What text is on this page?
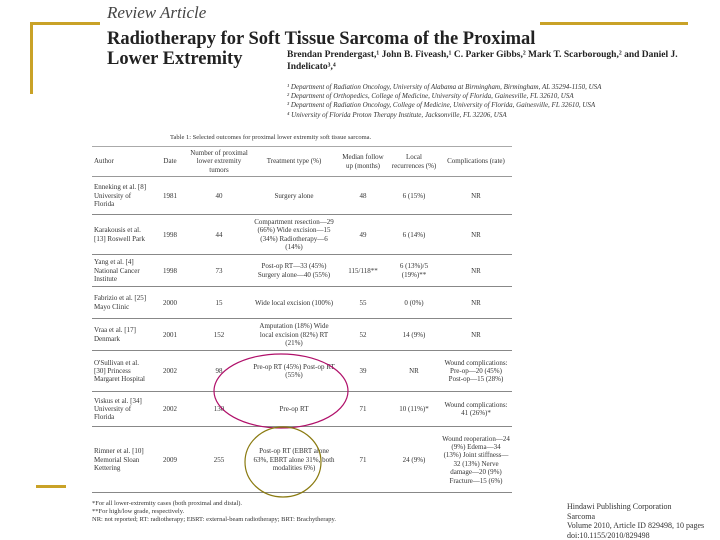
Review Article
Radiotherapy for Soft Tissue Sarcoma of the Proximal Lower Extremity	Brendan Prendergast,¹ John B. Fiveash,¹ C. Parker Gibbs,² Mark T. Scarborough,² and Daniel J. Indelicato³,⁴
¹ Department of Radiation Oncology, University of Alabama at Birmingham, Birmingham, AL 35294-1150, USA
² Department of Orthopedics, College of Medicine, University of Florida, Gainesville, FL 32610, USA
³ Department of Radiation Oncology, College of Medicine, University of Florida, Gainesville, FL 32610, USA
⁴ University of Florida Proton Therapy Institute, Jacksonville, FL 32206, USA
Table 1: Selected outcomes for proximal lower extremity soft tissue sarcoma.
Author	Date	Number of proximal lower extremity tumors	Treatment type (%)	Median follow up (months)	Local recurrences (%)	Complications (rate)
Enneking et al. [8] University of Florida	1981	40	Surgery alone	48	6 (15%)	NR
Karakousis et al. [13] Roswell Park	1998	44	Compartment resection—29 (66%) Wide excision—15 (34%) Radiotherapy—6 (14%)	49	6 (14%)	NR
Yang et al. [4] National Cancer Institute	1998	73	Post-op RT—33 (45%) Surgery alone—40 (55%)	115/118**	6 (13%)/5 (19%)**	NR
Fabrizio et al. [25] Mayo Clinic	2000	15	Wide local excision (100%)	55	0 (0%)	NR
Vraa et al. [17] Denmark	2001	152	Amputation (18%) Wide local excision (82%) RT (21%)	52	14 (9%)	NR
O'Sullivan et al. [30] Princess Margaret Hospital	2002	98	Pre-op RT (45%) Post-op RT (55%)	39	NR	Wound complications: Pre-op—20 (45%) Post-op—15 (28%)
Viskus et al. [34] University of Florida	2002	130	Pre-op RT	71	10 (11%)*	Wound complications: 41 (26%)*
Rimner et al. [10] Memorial Sloan Kettering	2009	255	Post-op RT (EBRT alone 63%, EBRT alone 31%, both modalities 6%)	71	24 (9%)	Wound reoperation—24 (9%) Edema—34 (13%) Joint stiffness—32 (13%) Nerve damage—20 (9%) Fracture—15 (6%)
*For all lower-extremity cases (both proximal and distal).
**For high/low grade, respectively.
NR: not reported; RT: radiotherapy; EBRT: external-beam radiotherapy; BRT: Brachytherapy.
Hindawi Publishing Corporation
Sarcoma
Volume 2010, Article ID 829498, 10 pages
doi:10.1155/2010/829498
